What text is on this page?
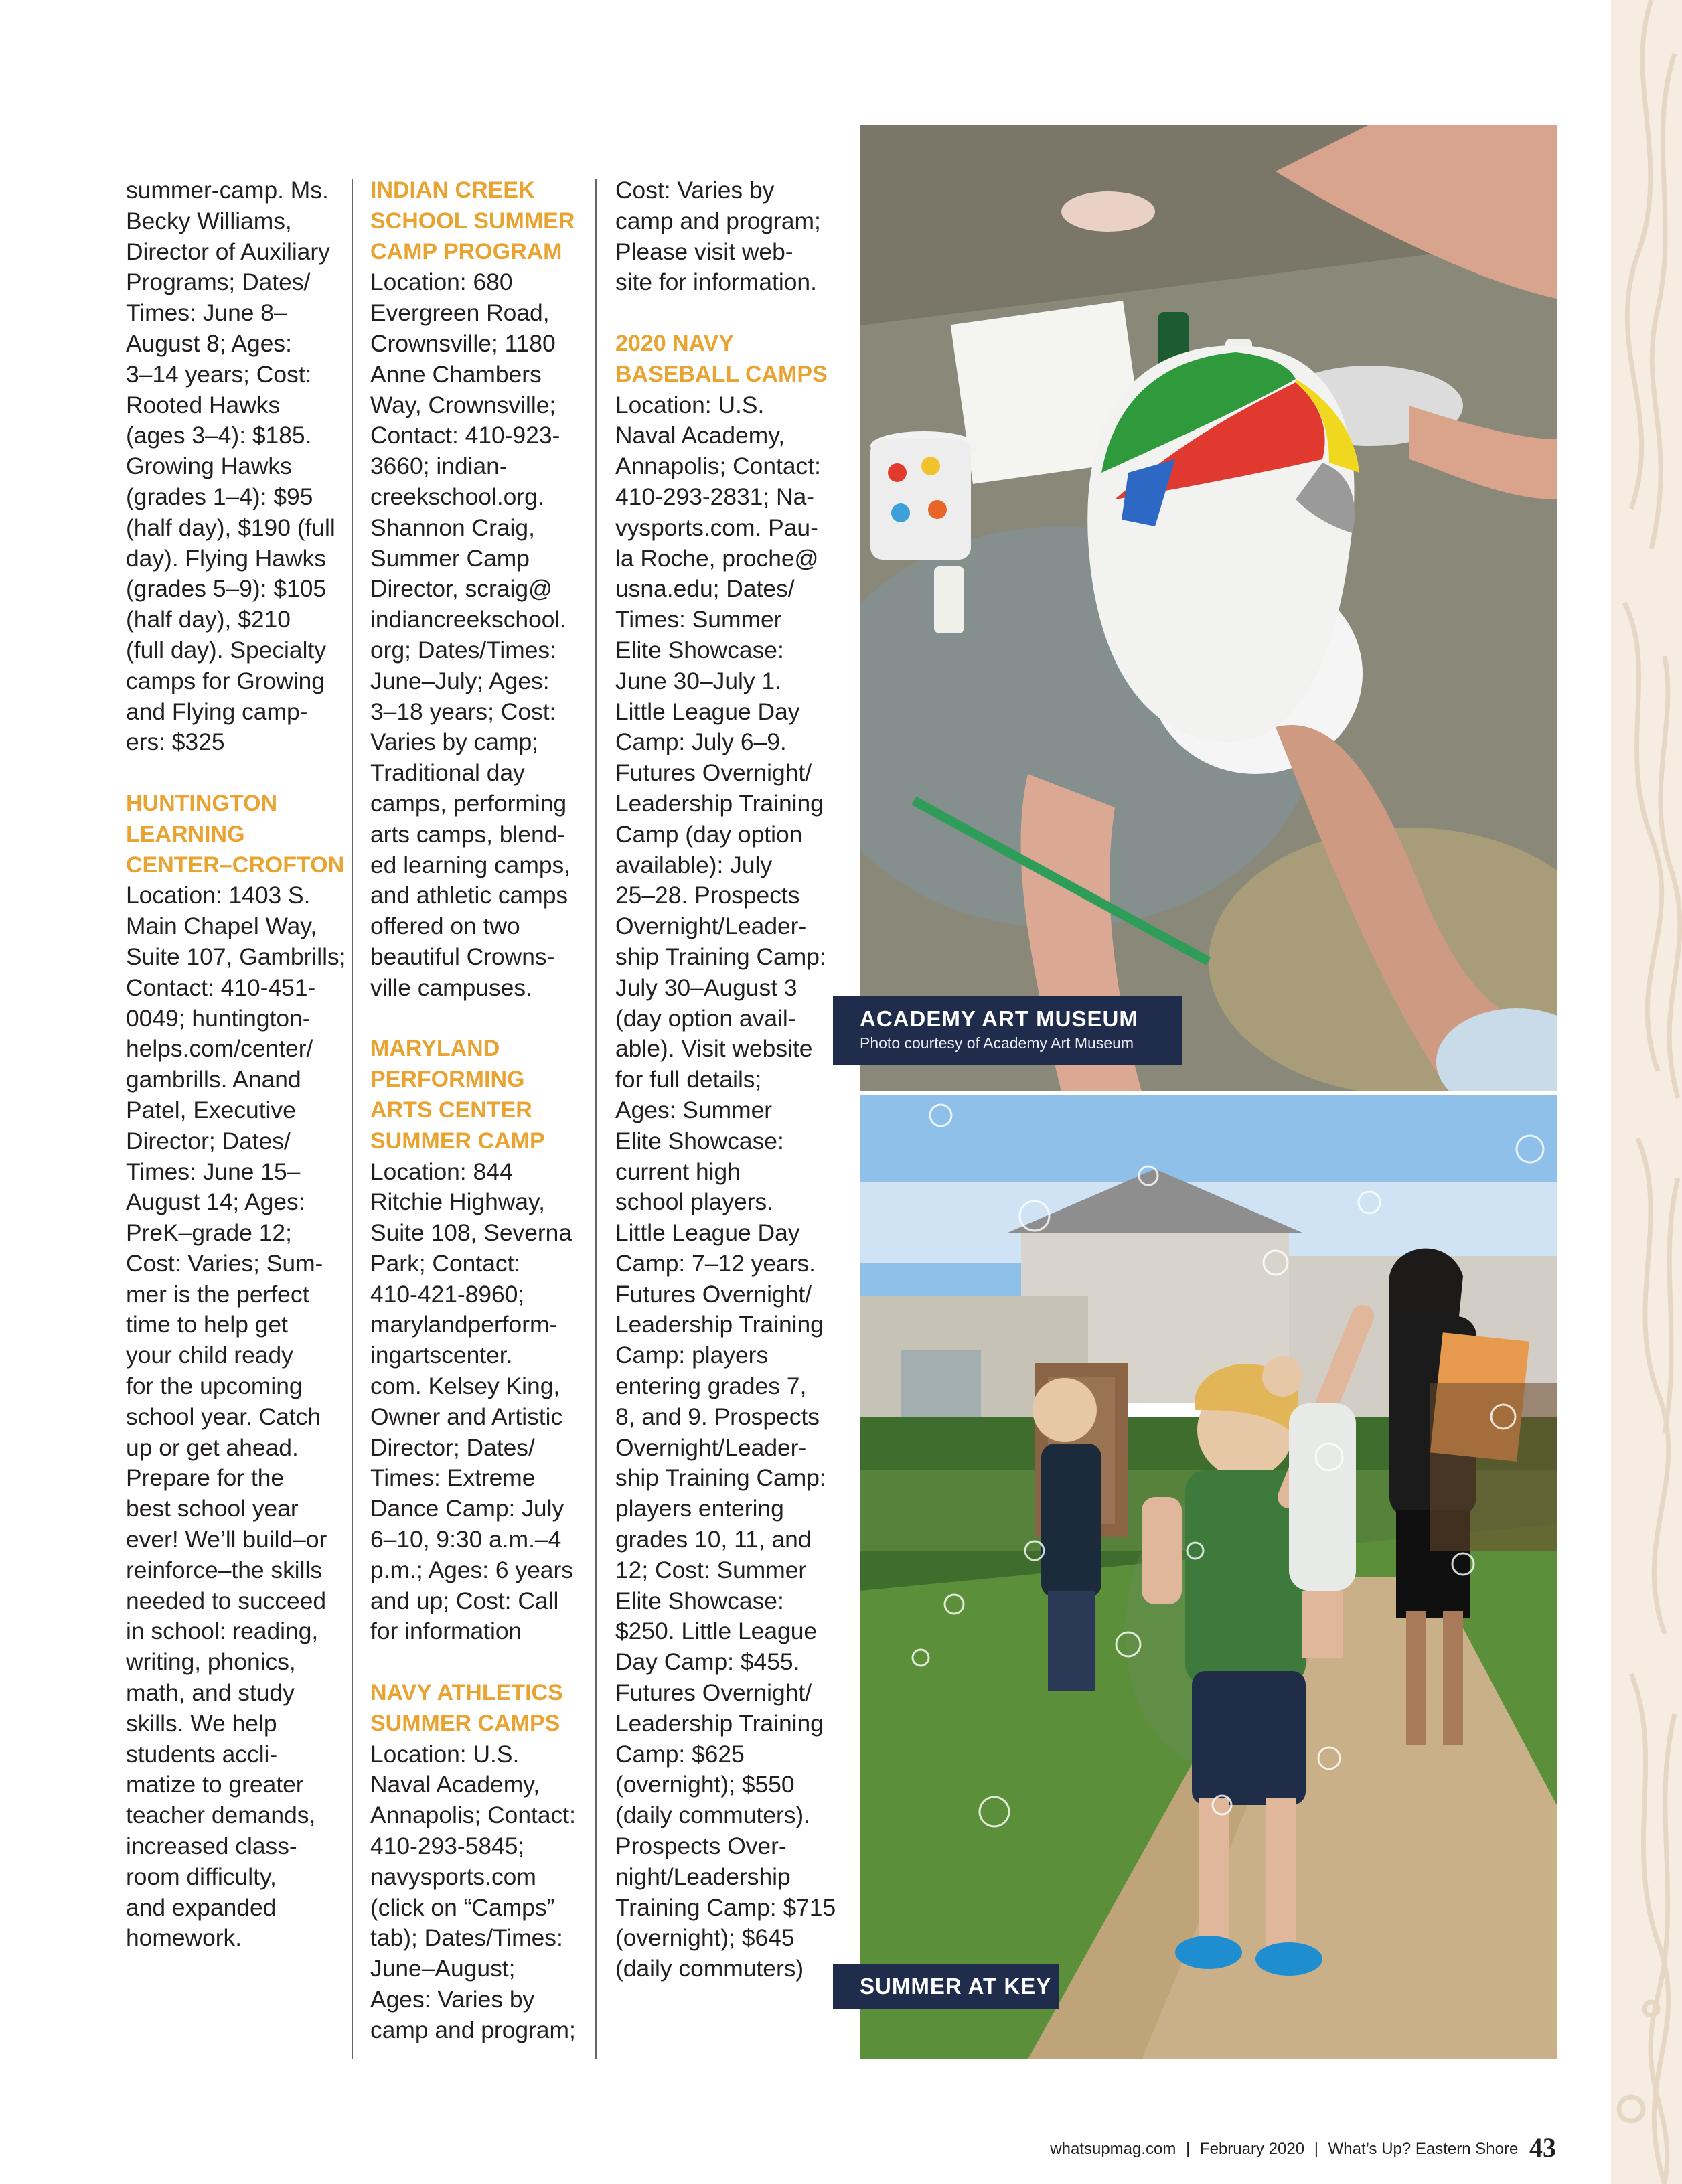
summer-camp. Ms.

Becky Williams,

Director of Auxiliary

Programs; Dates/

Times: June 8–

August 8; Ages:

3–14 years; Cost:

Rooted Hawks

(ages 3–4): $185.

Growing Hawks

(grades 1–4): $95

(half day), $190 (full

day). Flying Hawks

(grades 5–9): $105

(half day), $210

(full day). Specialty

camps for Growing

and Flying camp-

ers: $325

HUNTINGTON
LEARNING
CENTER–CROFTON

Location: 1403 S.

Main Chapel Way,

Suite 107, Gambrills;

Contact: 410-451-

0049; huntington-

helps.com/center/

gambrills. Anand

Patel, Executive

Director; Dates/

Times: June 15–

August 14; Ages:

PreK–grade 12;

Cost: Varies; Sum-

mer is the perfect

time to help get

your child ready

for the upcoming

school year. Catch

up or get ahead.

Prepare for the

best school year

ever! We’ll build–or

reinforce–the skills

needed to succeed

in school: reading,

writing, phonics,

math, and study

skills. We help

students accli-

matize to greater

teacher demands,

increased class-

room difficulty,

and expanded

homework.

INDIAN CREEK
SCHOOL SUMMER
CAMP PROGRAM

Location: 680

Evergreen Road,

Crownsville; 1180

Anne Chambers

Way, Crownsville;

Contact: 410-923-

3660; indian-

creekschool.org.

Shannon Craig,

Summer Camp

Director, scraig@

indiancreekschool.

org; Dates/Times:

June–July; Ages:

3–18 years; Cost:

Varies by camp;

Traditional day

camps, performing

arts camps, blend-

ed learning camps,

and athletic camps

offered on two

beautiful Crowns-

ville campuses.

MARYLAND
PERFORMING
ARTS CENTER
SUMMER CAMP

Location: 844

Ritchie Highway,

Suite 108, Severna

Park; Contact:

410-421-8960;

marylandperform-

ingartscenter.

com. Kelsey King,

Owner and Artistic

Director; Dates/

Times: Extreme

Dance Camp: July

6–10, 9:30 a.m.–4

p.m.; Ages: 6 years

and up; Cost: Call

for information

NAVY ATHLETICS
SUMMER CAMPS

Location: U.S.

Naval Academy,

Annapolis; Contact:

410-293-5845;

navysports.com

(click on “Camps”

tab); Dates/Times:

June–August;

Ages: Varies by

camp and program;

Cost: Varies by

camp and program;

Please visit web-

site for information.

2020 NAVY
BASEBALL CAMPS

Location: U.S.

Naval Academy,

Annapolis; Contact:

410-293-2831; Na-

vysports.com. Pau-

la Roche, proche@

usna.edu; Dates/

Times: Summer

Elite Showcase:

June 30–July 1.

Little League Day

Camp: July 6–9.

Futures Overnight/

Leadership Training

Camp (day option

available): July

25–28. Prospects

Overnight/Leader-

ship Training Camp:

July 30–August 3

(day option avail-

able). Visit website

for full details;

Ages: Summer

Elite Showcase:

current high

school players.

Little League Day

Camp: 7–12 years.

Futures Overnight/

Leadership Training

Camp: players

entering grades 7,

8, and 9. Prospects

Overnight/Leader-

ship Training Camp:

players entering

grades 10, 11, and

12; Cost: Summer

Elite Showcase:

$250. Little League

Day Camp: $455.

Futures Overnight/

Leadership Training

Camp: $625

(overnight); $550

(daily commuters).

Prospects Over-

night/Leadership

Training Camp: $715

(overnight); $645

(daily commuters)

ACADEMY ART MUSEUM
Photo courtesy of Academy Art Museum
SUMMER AT KEY
whatsupmag.com | February 2020 | What’s Up? Eastern Shore 43
